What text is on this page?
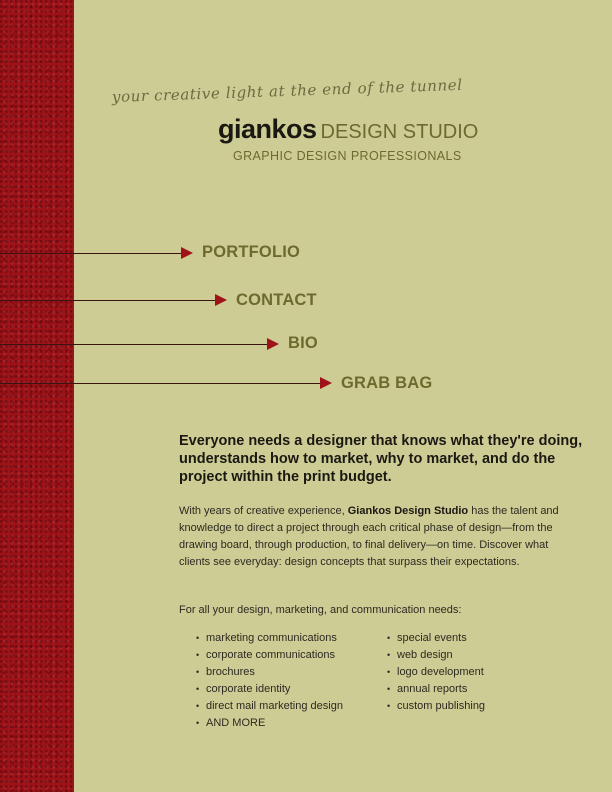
your creative light at the end of the tunnel
giankos DESIGN STUDIO
GRAPHIC DESIGN PROFESSIONALS
PORTFOLIO
CONTACT
BIO
GRAB BAG
Everyone needs a designer that knows what they're doing, understands how to market, why to market, and do the project within the print budget.
With years of creative experience, Giankos Design Studio has the talent and knowledge to direct a project through each critical phase of design—from the drawing board, through production, to final delivery—on time. Discover what clients see everyday: design concepts that surpass their expectations.
For all your design, marketing, and communication needs:
• marketing communications
• corporate communications
• brochures
• corporate identity
• direct mail marketing design
• AND MORE
• special events
• web design
• logo development
• annual reports
• custom publishing
